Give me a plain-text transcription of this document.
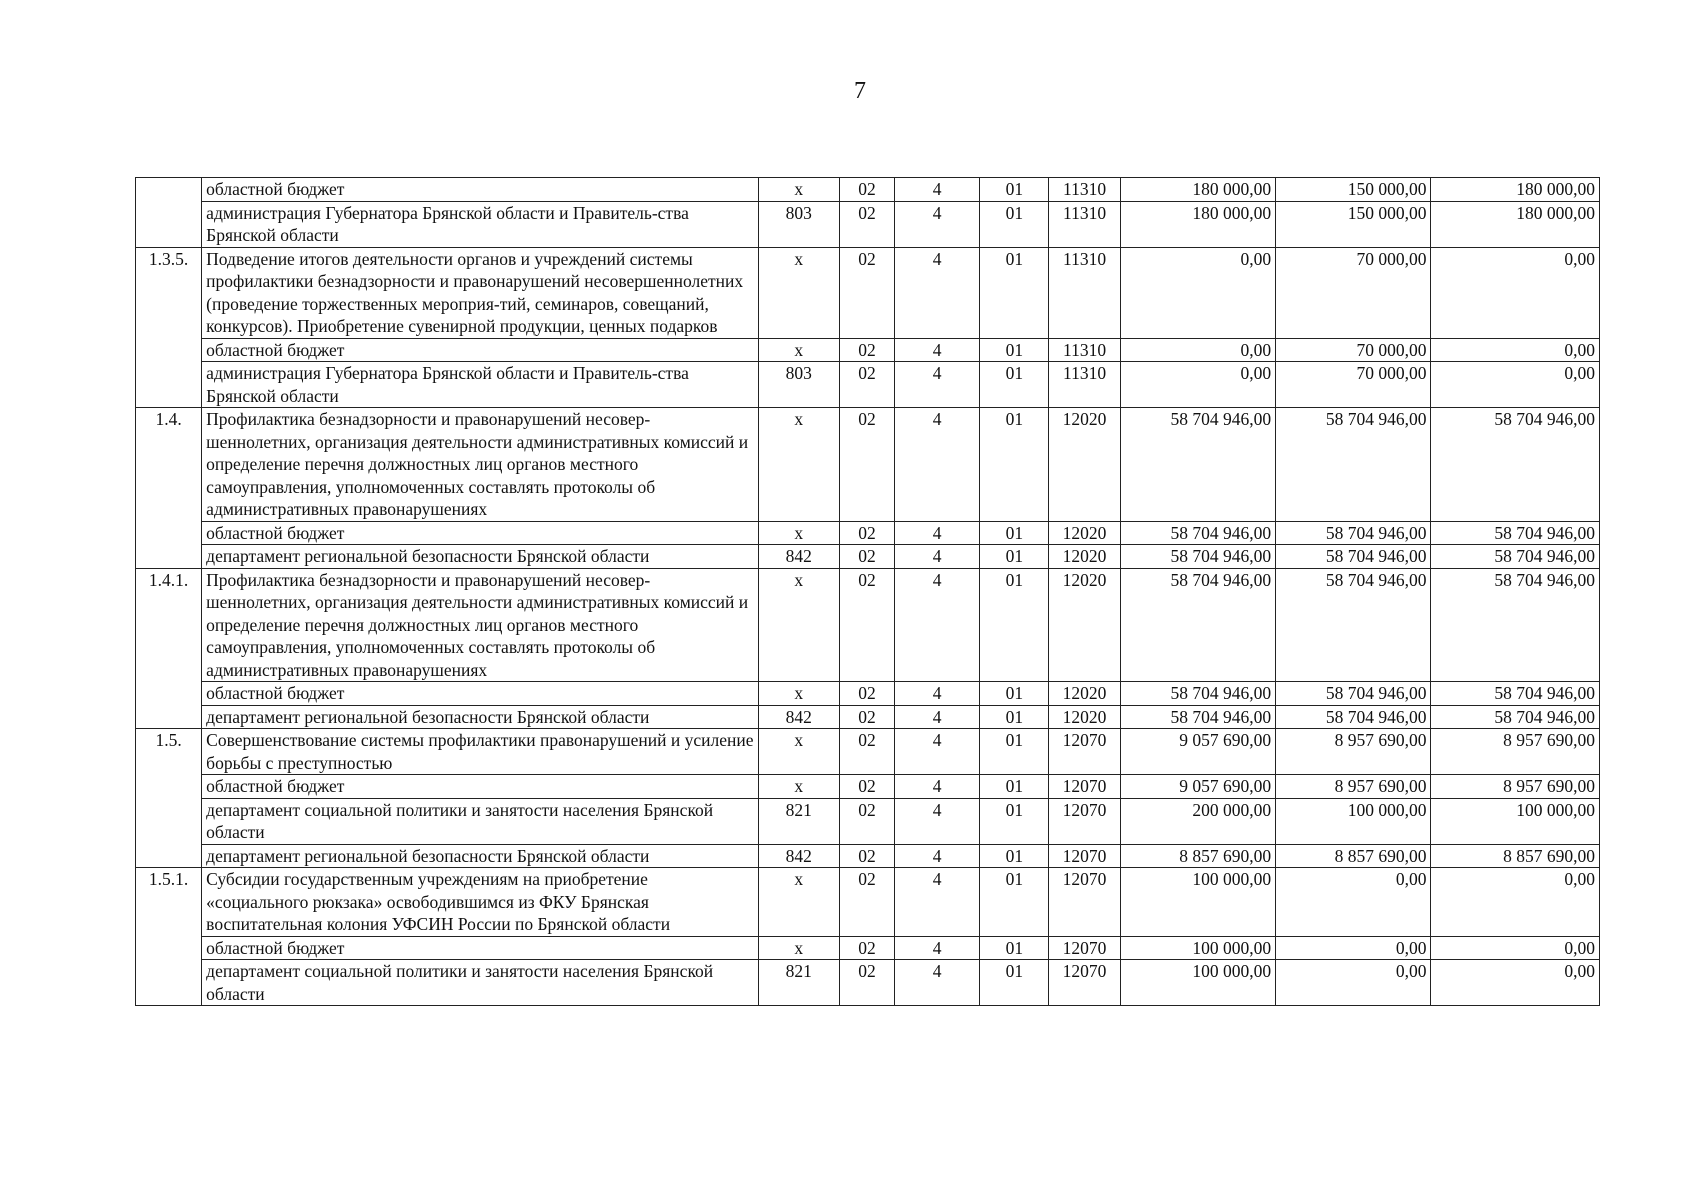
7
	областной бюджет	х	02	4	01	11310	180 000,00	150 000,00	180 000,00
	администрация Губернатора Брянской области и Правитель-ства Брянской области	803	02	4	01	11310	180 000,00	150 000,00	180 000,00
1.3.5.	Подведение итогов деятельности органов и учреждений системы профилактики безнадзорности и правонарушений несовершеннолетних (проведение торжественных мероприя-тий, семинаров, совещаний, конкурсов). Приобретение сувенирной продукции, ценных подарков	х	02	4	01	11310	0,00	70 000,00	0,00
	областной бюджет	х	02	4	01	11310	0,00	70 000,00	0,00
	администрация Губернатора Брянской области и Правитель-ства Брянской области	803	02	4	01	11310	0,00	70 000,00	0,00
1.4.	Профилактика безнадзорности и правонарушений несовер-шеннолетних, организация деятельности административных комиссий и определение перечня должностных лиц органов местного самоуправления, уполномоченных составлять протоколы об административных правонарушениях	х	02	4	01	12020	58 704 946,00	58 704 946,00	58 704 946,00
	областной бюджет	х	02	4	01	12020	58 704 946,00	58 704 946,00	58 704 946,00
	департамент региональной безопасности Брянской области	842	02	4	01	12020	58 704 946,00	58 704 946,00	58 704 946,00
1.4.1.	Профилактика безнадзорности и правонарушений несовер-шеннолетних, организация деятельности административных комиссий и определение перечня должностных лиц органов местного самоуправления, уполномоченных составлять протоколы об административных правонарушениях	х	02	4	01	12020	58 704 946,00	58 704 946,00	58 704 946,00
	областной бюджет	х	02	4	01	12020	58 704 946,00	58 704 946,00	58 704 946,00
	департамент региональной безопасности Брянской области	842	02	4	01	12020	58 704 946,00	58 704 946,00	58 704 946,00
1.5.	Совершенствование системы профилактики правонарушений и усиление борьбы с преступностью	х	02	4	01	12070	9 057 690,00	8 957 690,00	8 957 690,00
	областной бюджет	х	02	4	01	12070	9 057 690,00	8 957 690,00	8 957 690,00
	департамент социальной политики и занятости населения Брянской области	821	02	4	01	12070	200 000,00	100 000,00	100 000,00
	департамент региональной безопасности Брянской области	842	02	4	01	12070	8 857 690,00	8 857 690,00	8 857 690,00
1.5.1.	Субсидии государственным учреждениям на приобретение «социального рюкзака» освободившимся из ФКУ Брянская воспитательная колония УФСИН России по Брянской области	х	02	4	01	12070	100 000,00	0,00	0,00
	областной бюджет	х	02	4	01	12070	100 000,00	0,00	0,00
	департамент социальной политики и занятости населения Брянской области	821	02	4	01	12070	100 000,00	0,00	0,00
